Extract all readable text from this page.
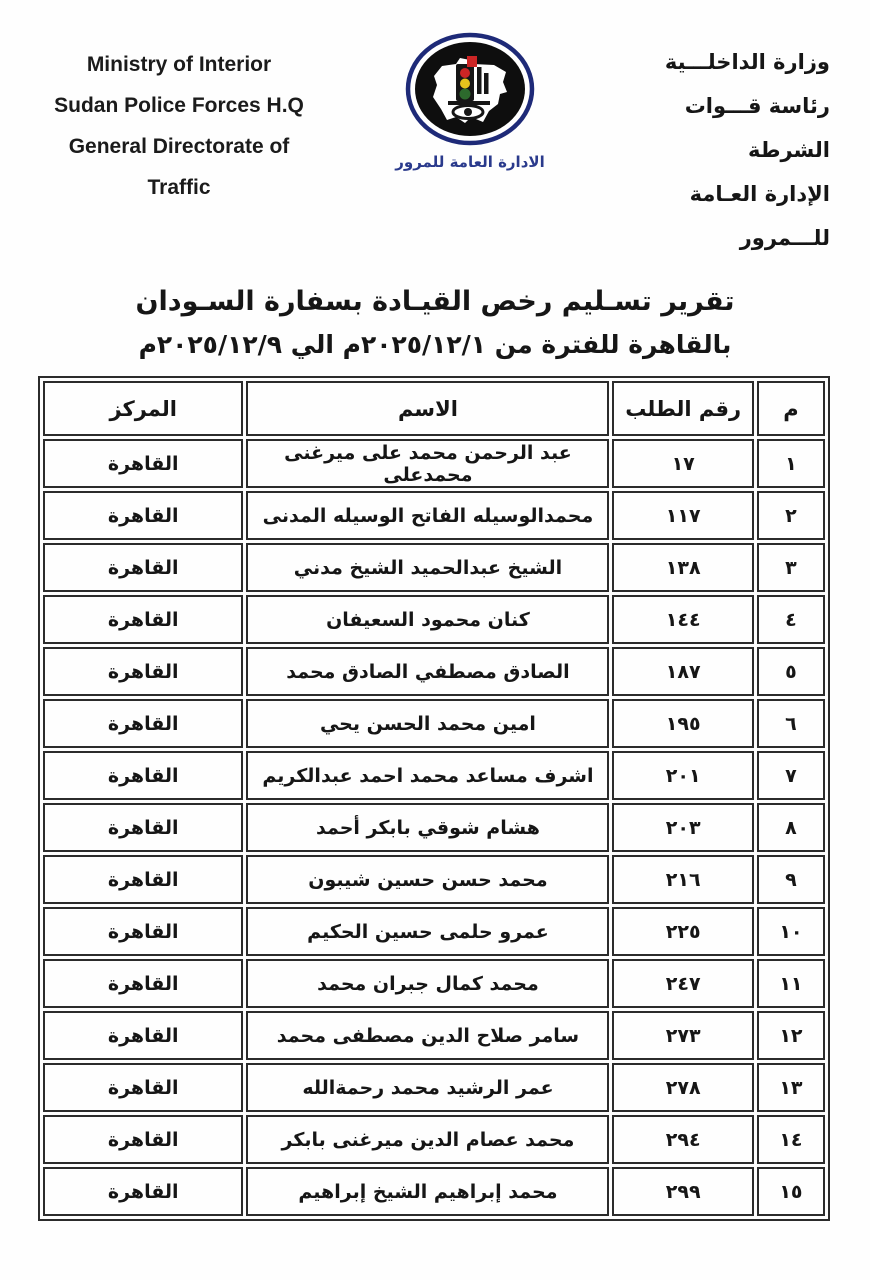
Ministry of Interior
Sudan Police Forces H.Q
General Directorate of Traffic
الادارة العامة للمرور
وزارة الداخلـــية
رئاسة قـــوات الشرطة
الإدارة العـامة للـــمرور
تقرير تسـليم رخص القيـادة بسفارة السـودان
بالقاهرة للفترة من ٢٠٢٥/١٢/١م الي ٢٠٢٥/١٢/٩م
م	رقم الطلب	الاسم	المركز
١	١٧	عبد الرحمن محمد على ميرغنى محمدعلى	القاهرة
٢	١١٧	محمدالوسيله الفاتح الوسيله المدنى	القاهرة
٣	١٣٨	الشيخ عبدالحميد الشيخ مدني	القاهرة
٤	١٤٤	كنان محمود السعيفان	القاهرة
٥	١٨٧	الصادق مصطفي الصادق محمد	القاهرة
٦	١٩٥	امين محمد الحسن يحي	القاهرة
٧	٢٠١	اشرف مساعد محمد احمد عبدالكريم	القاهرة
٨	٢٠٣	هشام شوقي بابكر أحمد	القاهرة
٩	٢١٦	محمد حسن حسين شيبون	القاهرة
١٠	٢٢٥	عمرو حلمى حسين الحكيم	القاهرة
١١	٢٤٧	محمد كمال جبران محمد	القاهرة
١٢	٢٧٣	سامر صلاح الدين مصطفى محمد	القاهرة
١٣	٢٧٨	عمر الرشيد محمد رحمةالله	القاهرة
١٤	٢٩٤	محمد عصام الدين ميرغنى بابكر	القاهرة
١٥	٢٩٩	محمد إبراهيم الشيخ إبراهيم	القاهرة
